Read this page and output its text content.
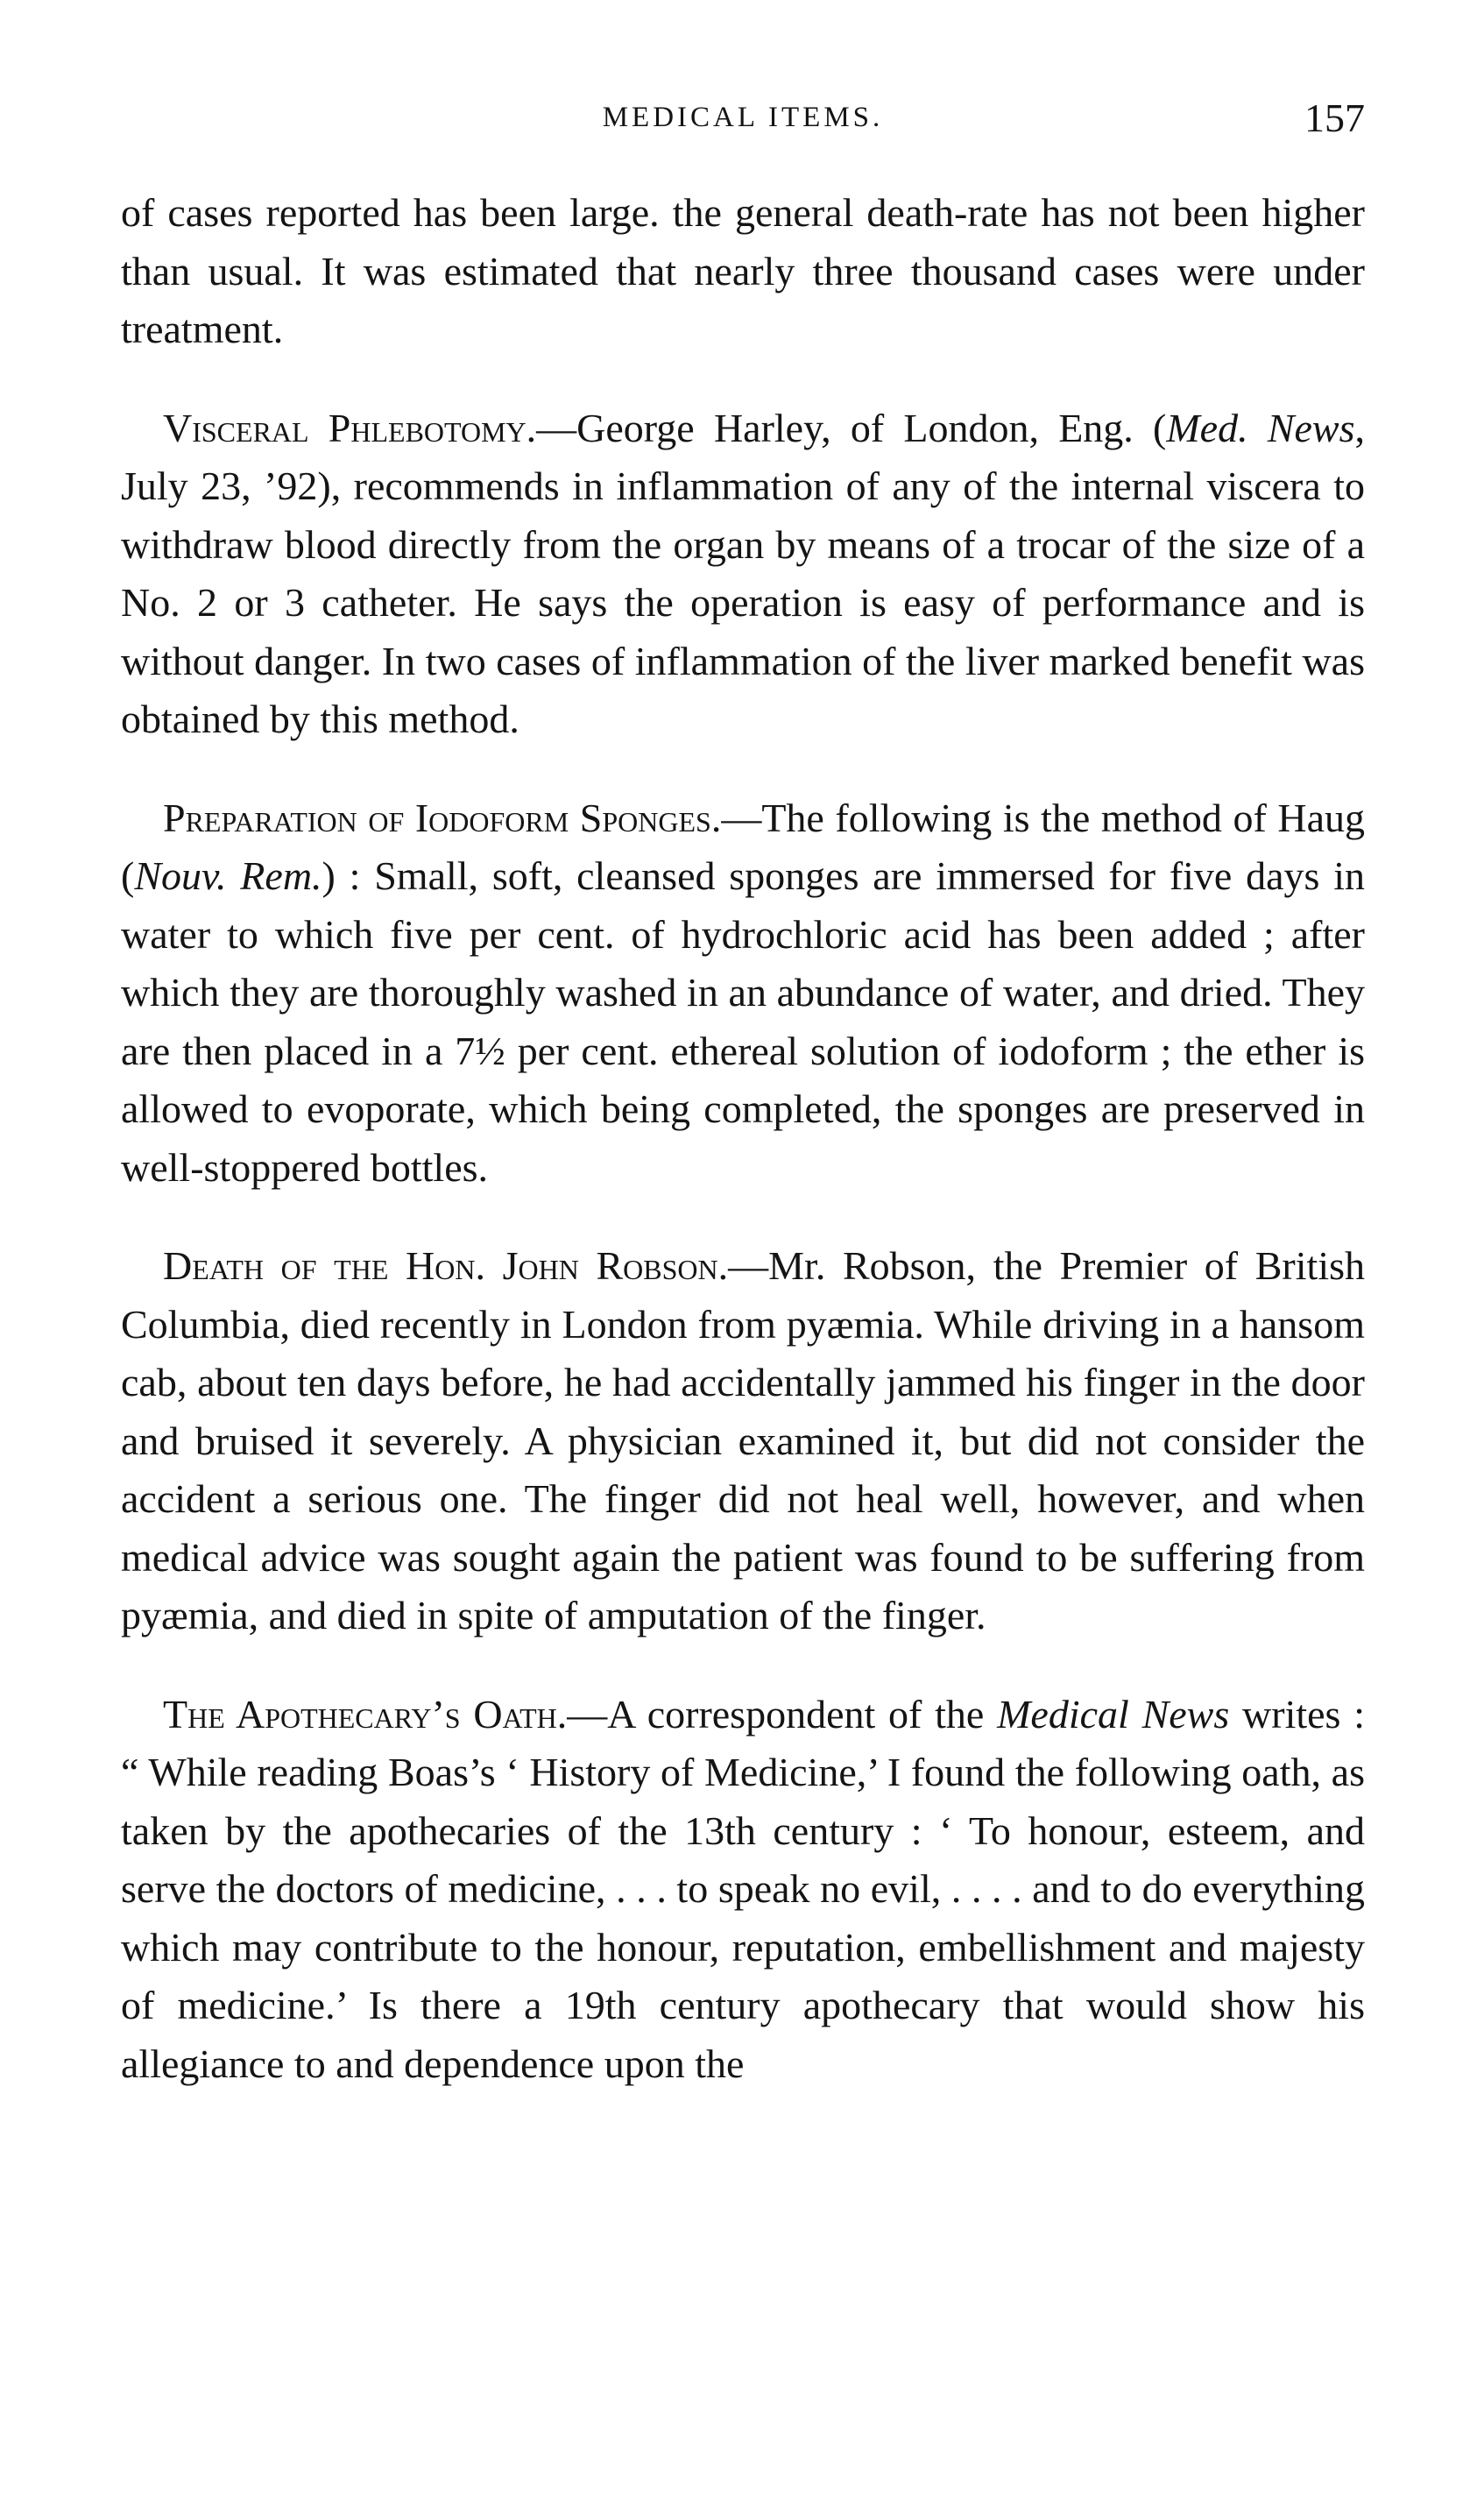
MEDICAL ITEMS.	157

of cases reported has been large. the general death-rate has not been higher than usual. It was estimated that nearly three thousand cases were under treatment.

Visceral Phlebotomy.—George Harley, of London, Eng. (Med. News, July 23, ’92), recommends in inflammation of any of the internal viscera to withdraw blood directly from the organ by means of a trocar of the size of a No. 2 or 3 catheter. He says the operation is easy of performance and is without danger. In two cases of inflammation of the liver marked benefit was obtained by this method.

Preparation of Iodoform Sponges.—The following is the method of Haug (Nouv. Rem.) : Small, soft, cleansed sponges are immersed for five days in water to which five per cent. of hydrochloric acid has been added ; after which they are thoroughly washed in an abundance of water, and dried. They are then placed in a 7½ per cent. ethereal solution of iodoform ; the ether is allowed to evoporate, which being completed, the sponges are preserved in well-stoppered bottles.

Death of the Hon. John Robson.—Mr. Robson, the Premier of British Columbia, died recently in London from pyæmia. While driving in a hansom cab, about ten days before, he had accidentally jammed his finger in the door and bruised it severely. A physician examined it, but did not consider the accident a serious one. The finger did not heal well, however, and when medical advice was sought again the patient was found to be suffering from pyæmia, and died in spite of amputation of the finger.

The Apothecary’s Oath.—A correspondent of the Medical News writes : “ While reading Boas’s ‘ History of Medicine,’ I found the following oath, as taken by the apothecaries of the 13th century : ‘ To honour, esteem, and serve the doctors of medicine, . . . to speak no evil, . . . . and to do everything which may contribute to the honour, reputation, embellishment and majesty of medicine.’ Is there a 19th century apothecary that would show his allegiance to and dependence upon the
